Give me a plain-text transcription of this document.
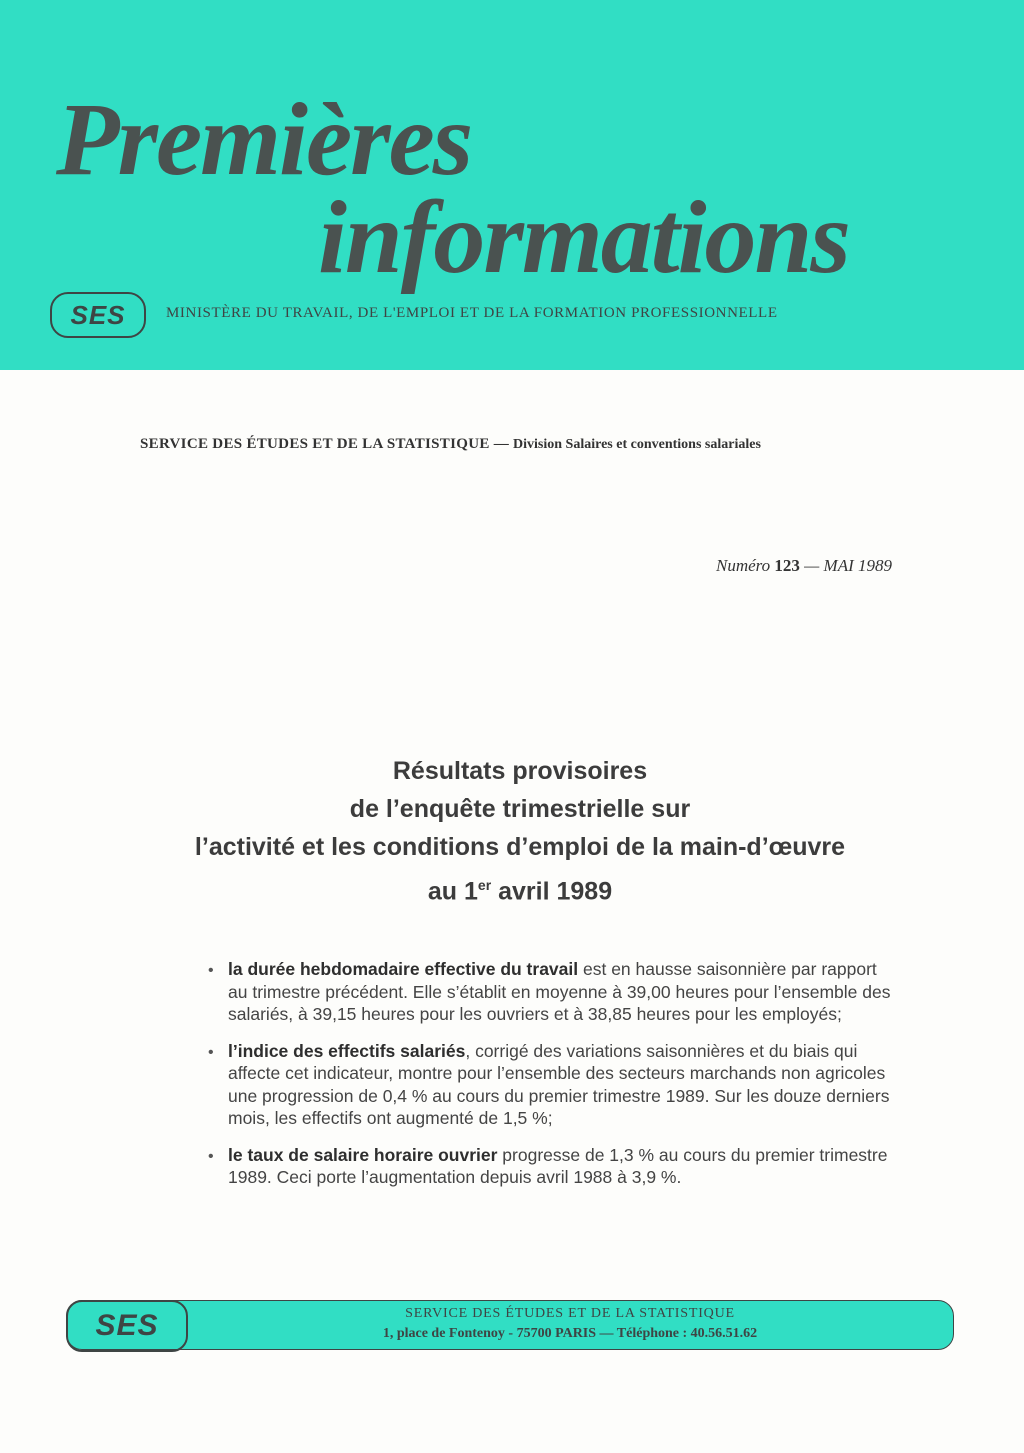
Premières
informations
SES	MINISTÈRE DU TRAVAIL, DE L'EMPLOI ET DE LA FORMATION PROFESSIONNELLE
SERVICE DES ÉTUDES ET DE LA STATISTIQUE — Division Salaires et conventions salariales
Numéro 123 — MAI 1989
Résultats provisoires
de l’enquête trimestrielle sur
l’activité et les conditions d’emploi de la main-d’œuvre
au 1er avril 1989
• la durée hebdomadaire effective du travail est en hausse saisonnière par rapport au trimestre précédent. Elle s’établit en moyenne à 39,00 heures pour l’ensemble des salariés, à 39,15 heures pour les ouvriers et à 38,85 heures pour les employés;
• l’indice des effectifs salariés, corrigé des variations saisonnières et du biais qui affecte cet indicateur, montre pour l’ensemble des secteurs marchands non agricoles une progression de 0,4 % au cours du premier trimestre 1989. Sur les douze derniers mois, les effectifs ont augmenté de 1,5 %;
• le taux de salaire horaire ouvrier progresse de 1,3 % au cours du premier trimestre 1989. Ceci porte l’augmentation depuis avril 1988 à 3,9 %.
SES	SERVICE DES ÉTUDES ET DE LA STATISTIQUE
1, place de Fontenoy - 75700 PARIS — Téléphone : 40.56.51.62
